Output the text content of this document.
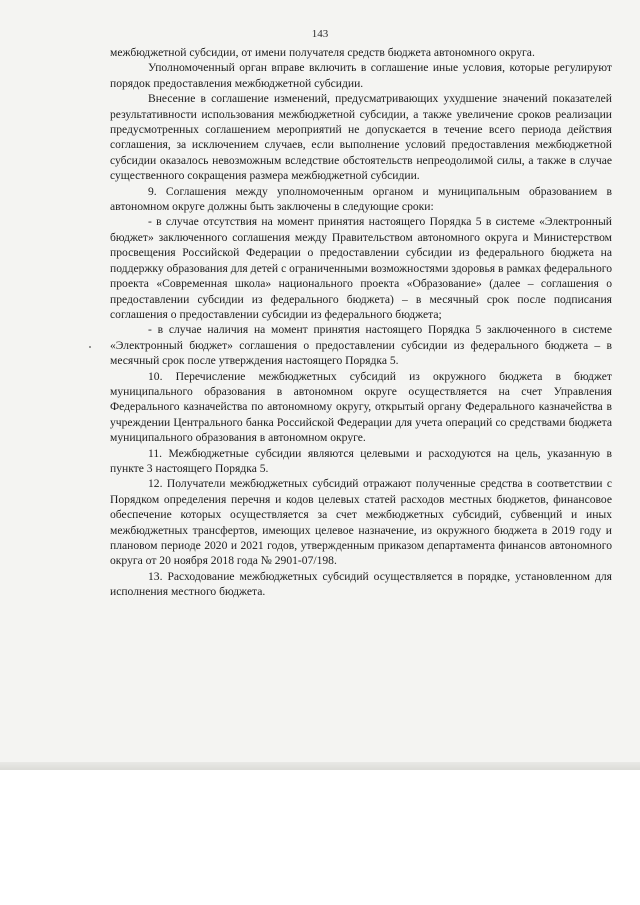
143

межбюджетной субсидии, от имени получателя средств бюджета автономного округа.

Уполномоченный орган вправе включить в соглашение иные условия, которые регулируют порядок предоставления межбюджетной субсидии.

Внесение в соглашение изменений, предусматривающих ухудшение значений показателей результативности использования межбюджетной субсидии, а также увеличение сроков реализации предусмотренных соглашением мероприятий не допускается в течение всего периода действия соглашения, за исключением случаев, если выполнение условий предоставления межбюджетной субсидии оказалось невозможным вследствие обстоятельств непреодолимой силы, а также в случае существенного сокращения размера межбюджетной субсидии.

9. Соглашения между уполномоченным органом и муниципальным образованием в автономном округе должны быть заключены в следующие сроки:

- в случае отсутствия на момент принятия настоящего Порядка 5 в системе «Электронный бюджет» заключенного соглашения между Правительством автономного округа и Министерством просвещения Российской Федерации о предоставлении субсидии из федерального бюджета на поддержку образования для детей с ограниченными возможностями здоровья в рамках федерального проекта «Современная школа» национального проекта «Образование» (далее – соглашения о предоставлении субсидии из федерального бюджета) – в месячный срок после подписания соглашения о предоставлении субсидии из федерального бюджета;

- в случае наличия на момент принятия настоящего Порядка 5 заключенного в системе «Электронный бюджет» соглашения о предоставлении субсидии из федерального бюджета – в месячный срок после утверждения настоящего Порядка 5.

10. Перечисление межбюджетных субсидий из окружного бюджета в бюджет муниципального образования в автономном округе осуществляется на счет Управления Федерального казначейства по автономному округу, открытый органу Федерального казначейства в учреждении Центрального банка Российской Федерации для учета операций со средствами бюджета муниципального образования в автономном округе.

11. Межбюджетные субсидии являются целевыми и расходуются на цель, указанную в пункте 3 настоящего Порядка 5.

12. Получатели межбюджетных субсидий отражают полученные средства в соответствии с Порядком определения перечня и кодов целевых статей расходов местных бюджетов, финансовое обеспечение которых осуществляется за счет межбюджетных субсидий, субвенций и иных межбюджетных трансфертов, имеющих целевое назначение, из окружного бюджета в 2019 году и плановом периоде 2020 и 2021 годов, утвержденным приказом департамента финансов автономного округа от 20 ноября 2018 года № 2901-07/198.

13. Расходование межбюджетных субсидий осуществляется в порядке, установленном для исполнения местного бюджета.
